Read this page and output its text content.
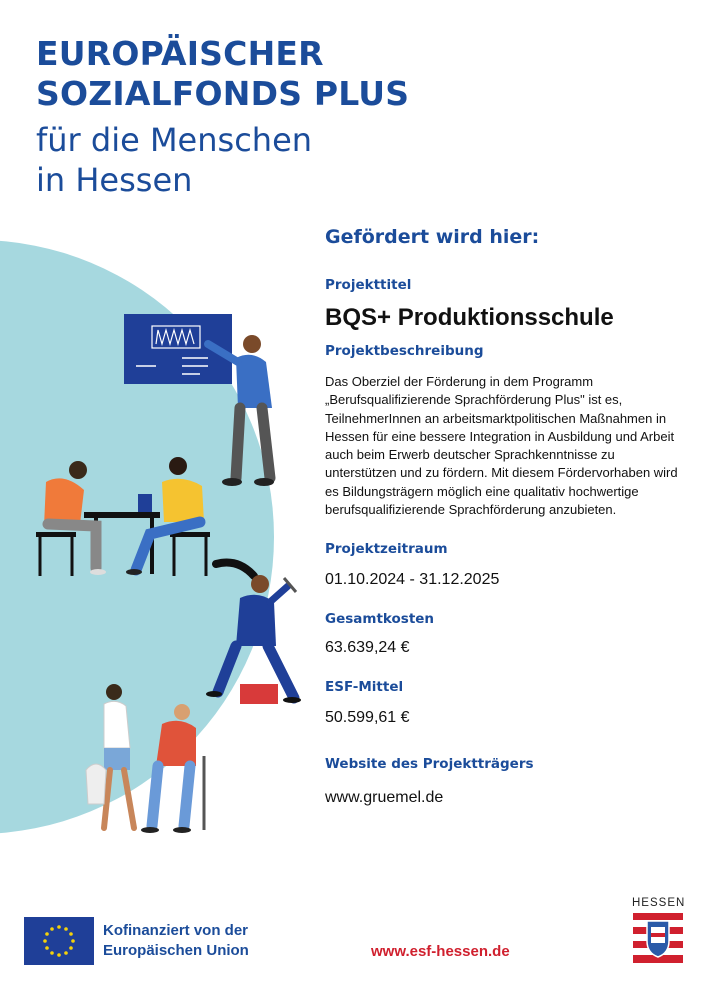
EUROPÄISCHER
SOZIALFONDS PLUS
für die Menschen
in Hessen
Gefördert wird hier:
Projekttitel
BQS+ Produktionsschule
Projektbeschreibung
Das Oberziel der Förderung in dem Programm „Berufsqualifizierende Sprachförderung Plus" ist es, TeilnehmerInnen an arbeitsmarktpolitischen Maßnahmen in Hessen für eine bessere Integration in Ausbildung und Arbeit auch beim Erwerb deutscher Sprachkenntnisse zu unterstützen und zu fördern. Mit diesem Fördervorhaben wird es Bildungsträgern möglich eine qualitativ hochwertige berufsqualifizierende Sprachförderung anzubieten.
Projektzeitraum
01.10.2024 - 31.12.2025
Gesamtkosten
63.639,24 €
ESF-Mittel
50.599,61 €
Website des Projektträgers
www.gruemel.de
Kofinanziert von der
Europäischen Union	www.esf-hessen.de
HESSEN
